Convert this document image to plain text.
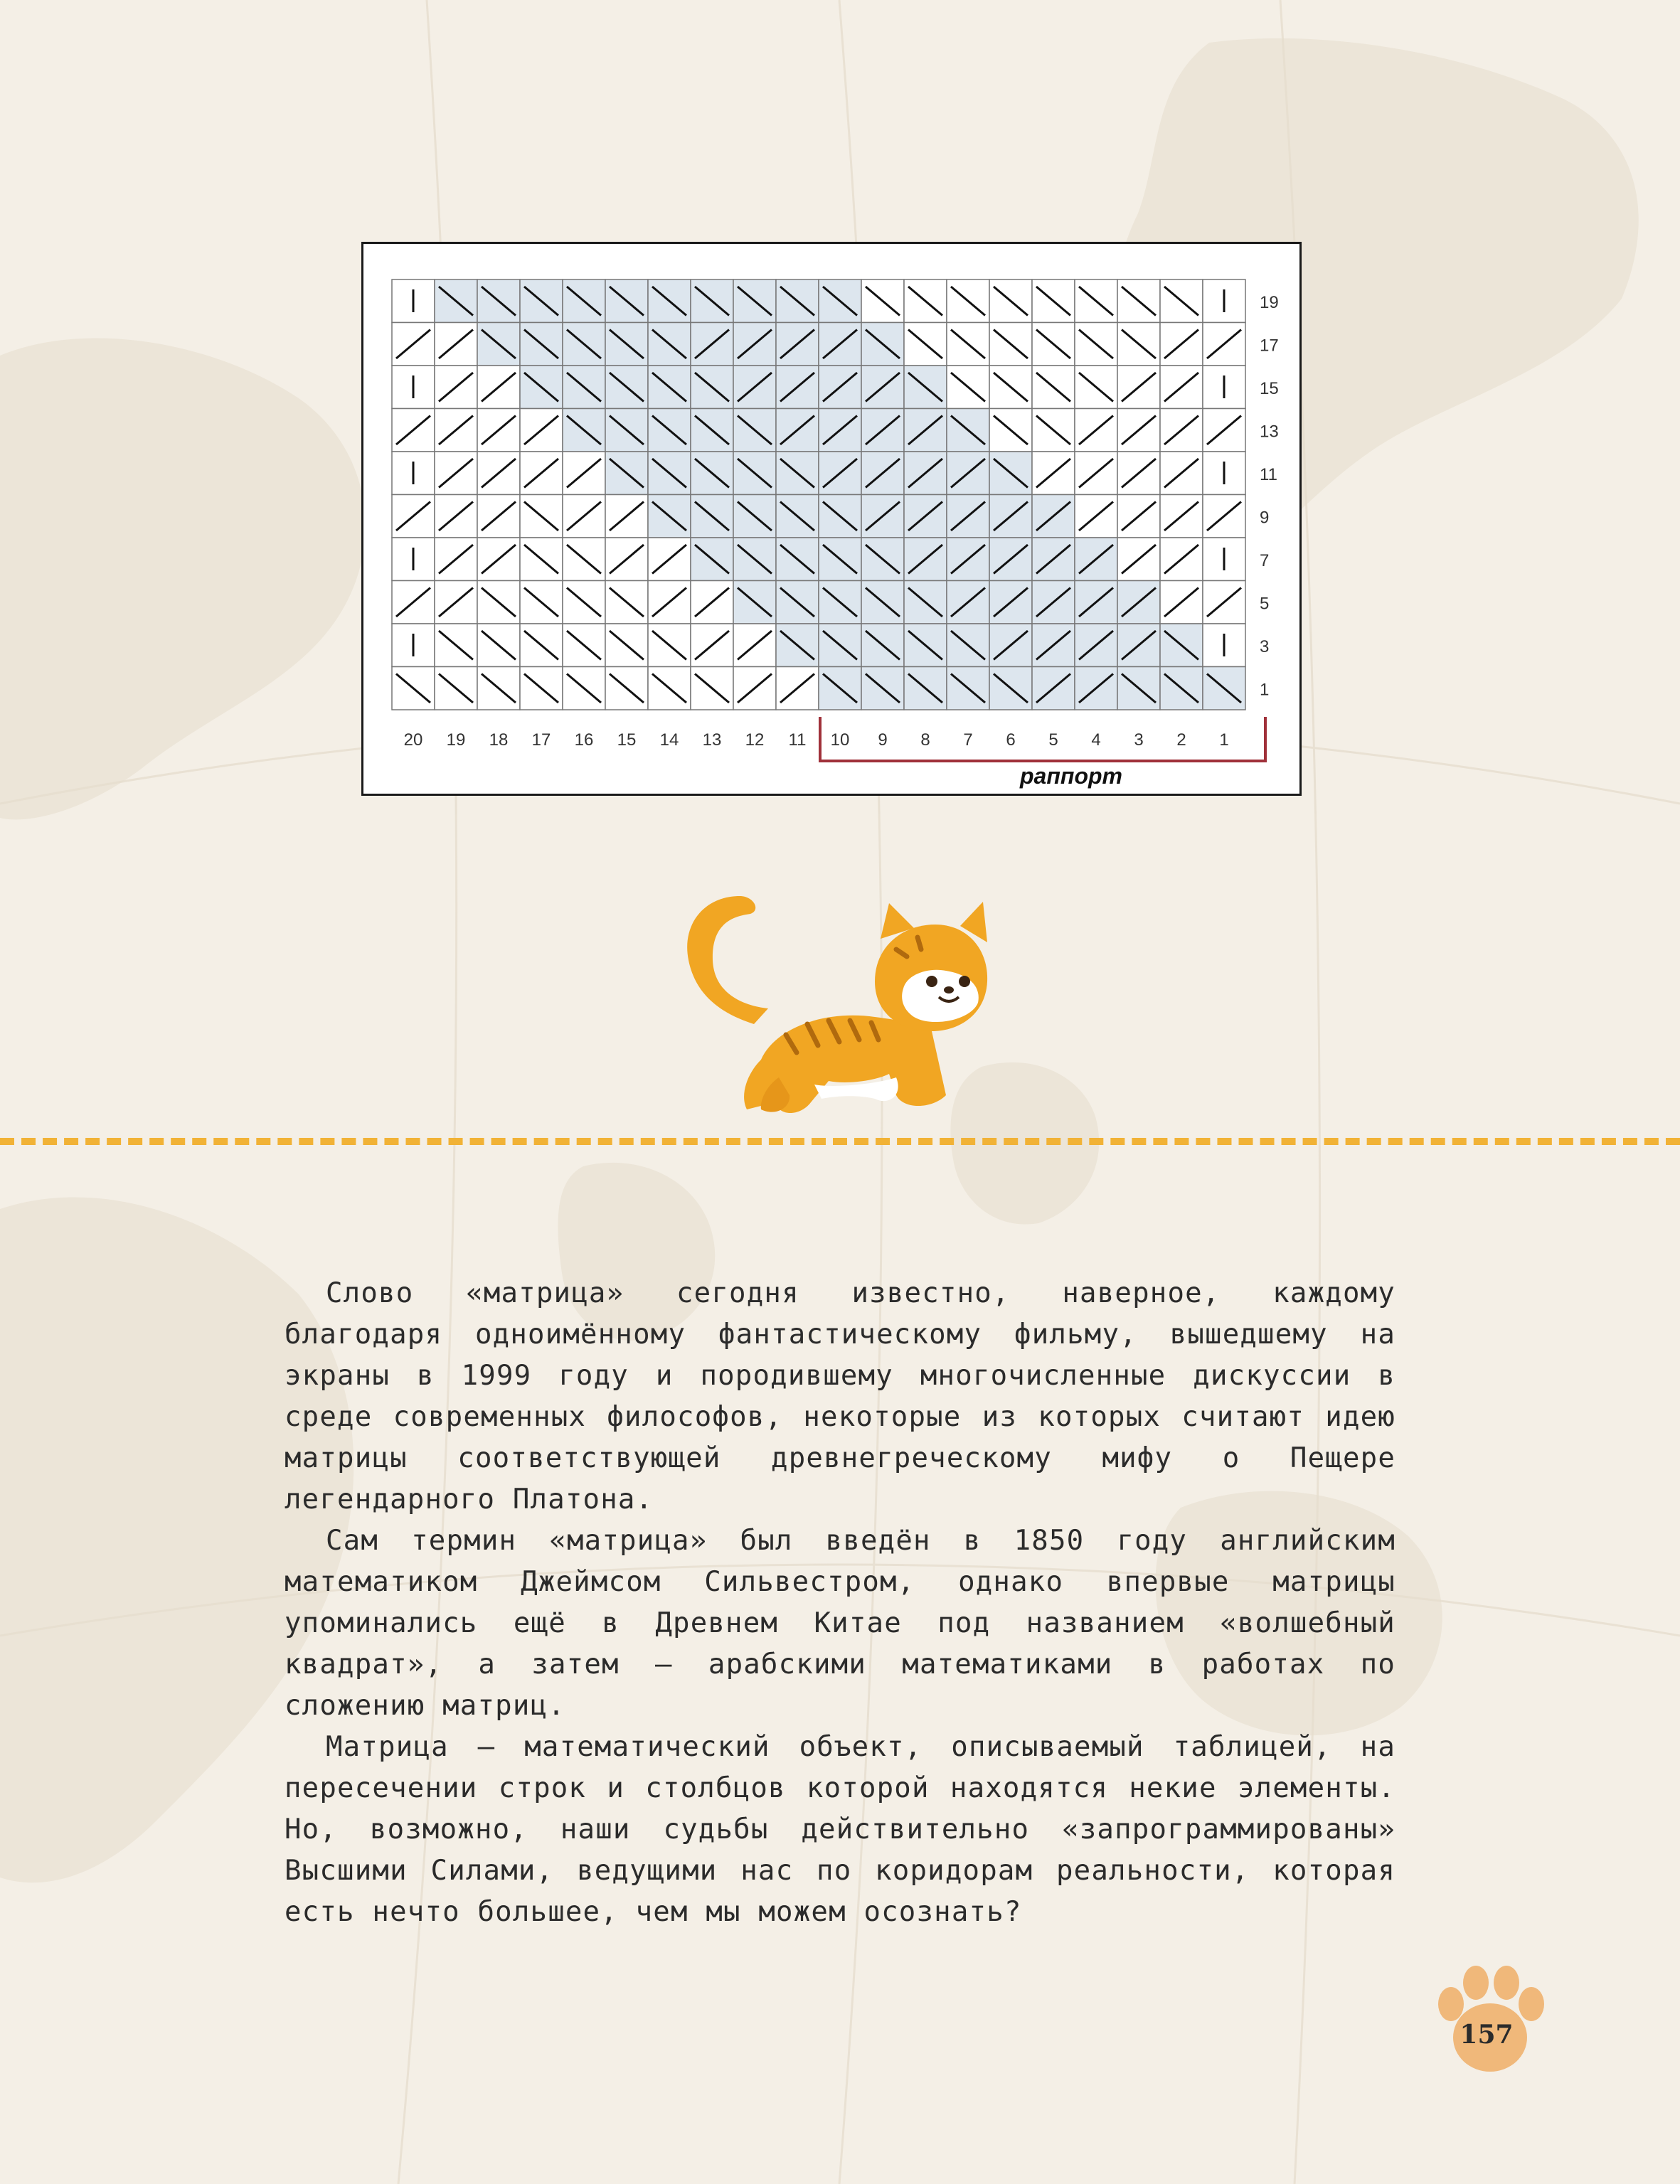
19
17
15
13
11
9
7
5
3
1
20 19 18 17 16 15 14 13 12 11 10 9 8 7 6 5 4 3 2 1
раппорт

Слово «матрица» сегодня известно, наверное, каждому благодаря одноимённому фантастическому фильму, вышедшему на экраны в 1999 году и породившему многочисленные дискуссии в среде современных философов, некоторые из которых считают идею матрицы соответствующей древнегреческому мифу о Пещере легендарного Платона.

Сам термин «матрица» был введён в 1850 году английским математиком Джеймсом Сильвестром, однако впервые матрицы упоминались ещё в Древнем Китае под названием «волшебный квадрат», а затем – арабскими математиками в работах по сложению матриц.

Матрица – математический объект, описываемый таблицей, на пересечении строк и столбцов которой находятся некие элементы. Но, возможно, наши судьбы действительно «запрограммированы» Высшими Силами, ведущими нас по коридорам реальности, которая есть нечто большее, чем мы можем осознать?

157
